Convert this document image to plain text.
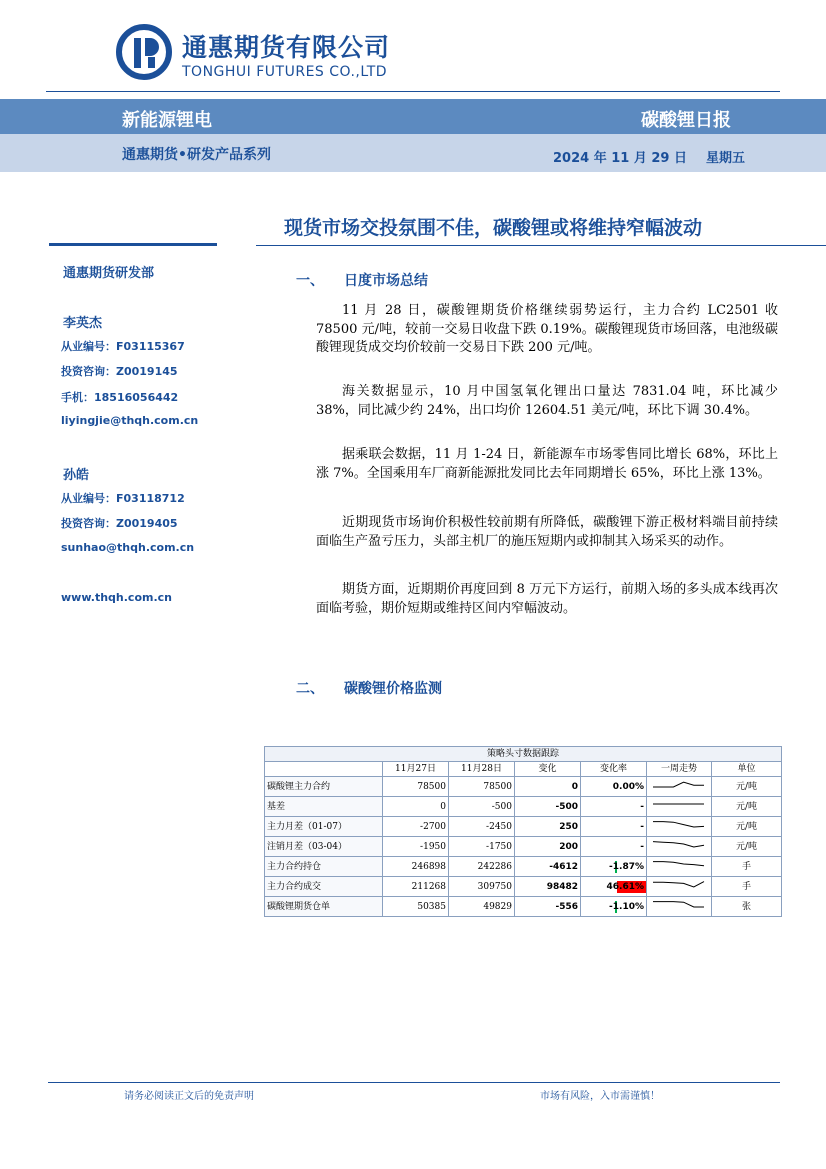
通惠期货有限公司
TONGHUI FUTURES CO.,LTD
新能源锂电	碳酸锂日报
通惠期货•研发产品系列	2024 年 11 月 29 日 星期五
现货市场交投氛围不佳，碳酸锂或将维持窄幅波动
通惠期货研发部
李英杰
从业编号：F03115367
投资咨询：Z0019145
手机：18516056442
liyingjie@thqh.com.cn
孙皓
从业编号：F03118712
投资咨询：Z0019405
sunhao@thqh.com.cn
www.thqh.com.cn
一、 日度市场总结
11 月 28 日，碳酸锂期货价格继续弱势运行，主力合约 LC2501 收 78500 元/吨，较前一交易日收盘下跌 0.19%。碳酸锂现货市场回落，电池级碳酸锂现货成交均价较前一交易日下跌 200 元/吨。
海关数据显示，10 月中国氢氧化锂出口量达 7831.04 吨，环比减少 38%，同比减少约 24%，出口均价 12604.51 美元/吨，环比下调 30.4%。
据乘联会数据，11 月 1-24 日，新能源车市场零售同比增长 68%，环比上涨 7%。全国乘用车厂商新能源批发同比去年同期增长 65%，环比上涨 13%。
近期现货市场询价积极性较前期有所降低，碳酸锂下游正极材料端目前持续面临生产盈亏压力，头部主机厂的施压短期内或抑制其入场采买的动作。
期货方面，近期期价再度回到 8 万元下方运行，前期入场的多头成本线再次面临考验，期价短期或维持区间内窄幅波动。
二、 碳酸锂价格监测
策略头寸数据跟踪						
	11月27日	11月28日	变化	变化率	一周走势	单位
碳酸锂主力合约	78500	78500	0	0.00%		元/吨
基差	0	-500	-500	-		元/吨
主力月差（01-07）	-2700	-2450	250	-		元/吨
注销月差（03-04）	-1950	-1750	200	-		元/吨
主力合约持仓	246898	242286	-4612	-1.87%		手
主力合约成交	211268	309750	98482	46.61%		手
碳酸锂期货仓单	50385	49829	-556	-1.10%		张
请务必阅读正文后的免责声明	市场有风险，入市需谨慎！
